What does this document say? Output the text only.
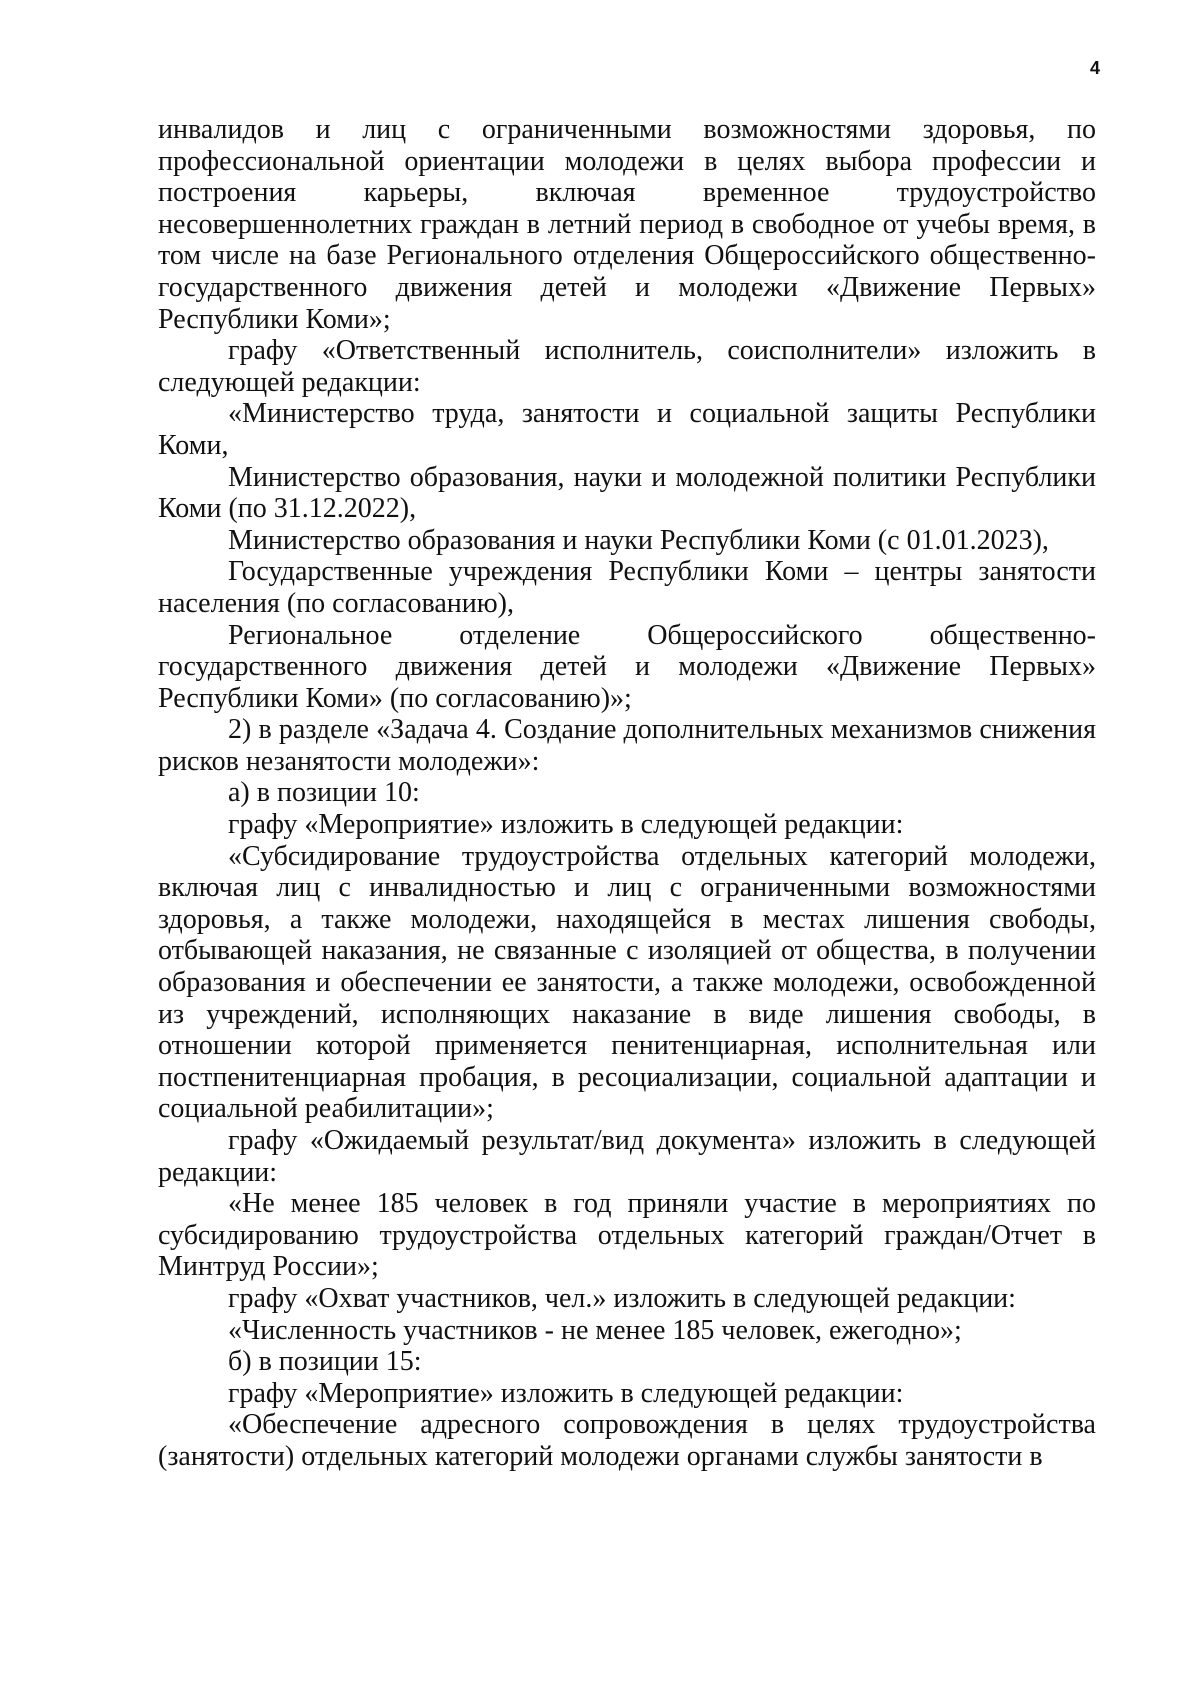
4

инвалидов и лиц с ограниченными возможностями здоровья, по профессиональной ориентации молодежи в целях выбора профессии и построения карьеры, включая временное трудоустройство несовершеннолетних граждан в летний период в свободное от учебы время, в том числе на базе Регионального отделения Общероссийского общественно-государственного движения детей и молодежи «Движение Первых» Республики Коми»;

графу «Ответственный исполнитель, соисполнители» изложить в следующей редакции:

«Министерство труда, занятости и социальной защиты Республики Коми,

Министерство образования, науки и молодежной политики Республики Коми (по 31.12.2022),

Министерство образования и науки Республики Коми (с 01.01.2023),

Государственные учреждения Республики Коми – центры занятости населения (по согласованию),

Региональное отделение Общероссийского общественно-государственного движения детей и молодежи «Движение Первых» Республики Коми» (по согласованию)»;

2) в разделе «Задача 4. Создание дополнительных механизмов снижения рисков незанятости молодежи»:

а) в позиции 10:

графу «Мероприятие» изложить в следующей редакции:

«Субсидирование трудоустройства отдельных категорий молодежи, включая лиц с инвалидностью и лиц с ограниченными возможностями здоровья, а также молодежи, находящейся в местах лишения свободы, отбывающей наказания, не связанные с изоляцией от общества, в получении образования и обеспечении ее занятости, а также молодежи, освобожденной из учреждений, исполняющих наказание в виде лишения свободы, в отношении которой применяется пенитенциарная, исполнительная или постпенитенциарная пробация, в ресоциализации, социальной адаптации и социальной реабилитации»;

графу «Ожидаемый результат/вид документа» изложить в следующей редакции:

«Не менее 185 человек в год приняли участие в мероприятиях по субсидированию трудоустройства отдельных категорий граждан/Отчет в Минтруд России»;

графу «Охват участников, чел.» изложить в следующей редакции:

«Численность участников - не менее 185 человек, ежегодно»;

б) в позиции 15:

графу «Мероприятие» изложить в следующей редакции:

«Обеспечение адресного сопровождения в целях трудоустройства (занятости) отдельных категорий молодежи органами службы занятости в
